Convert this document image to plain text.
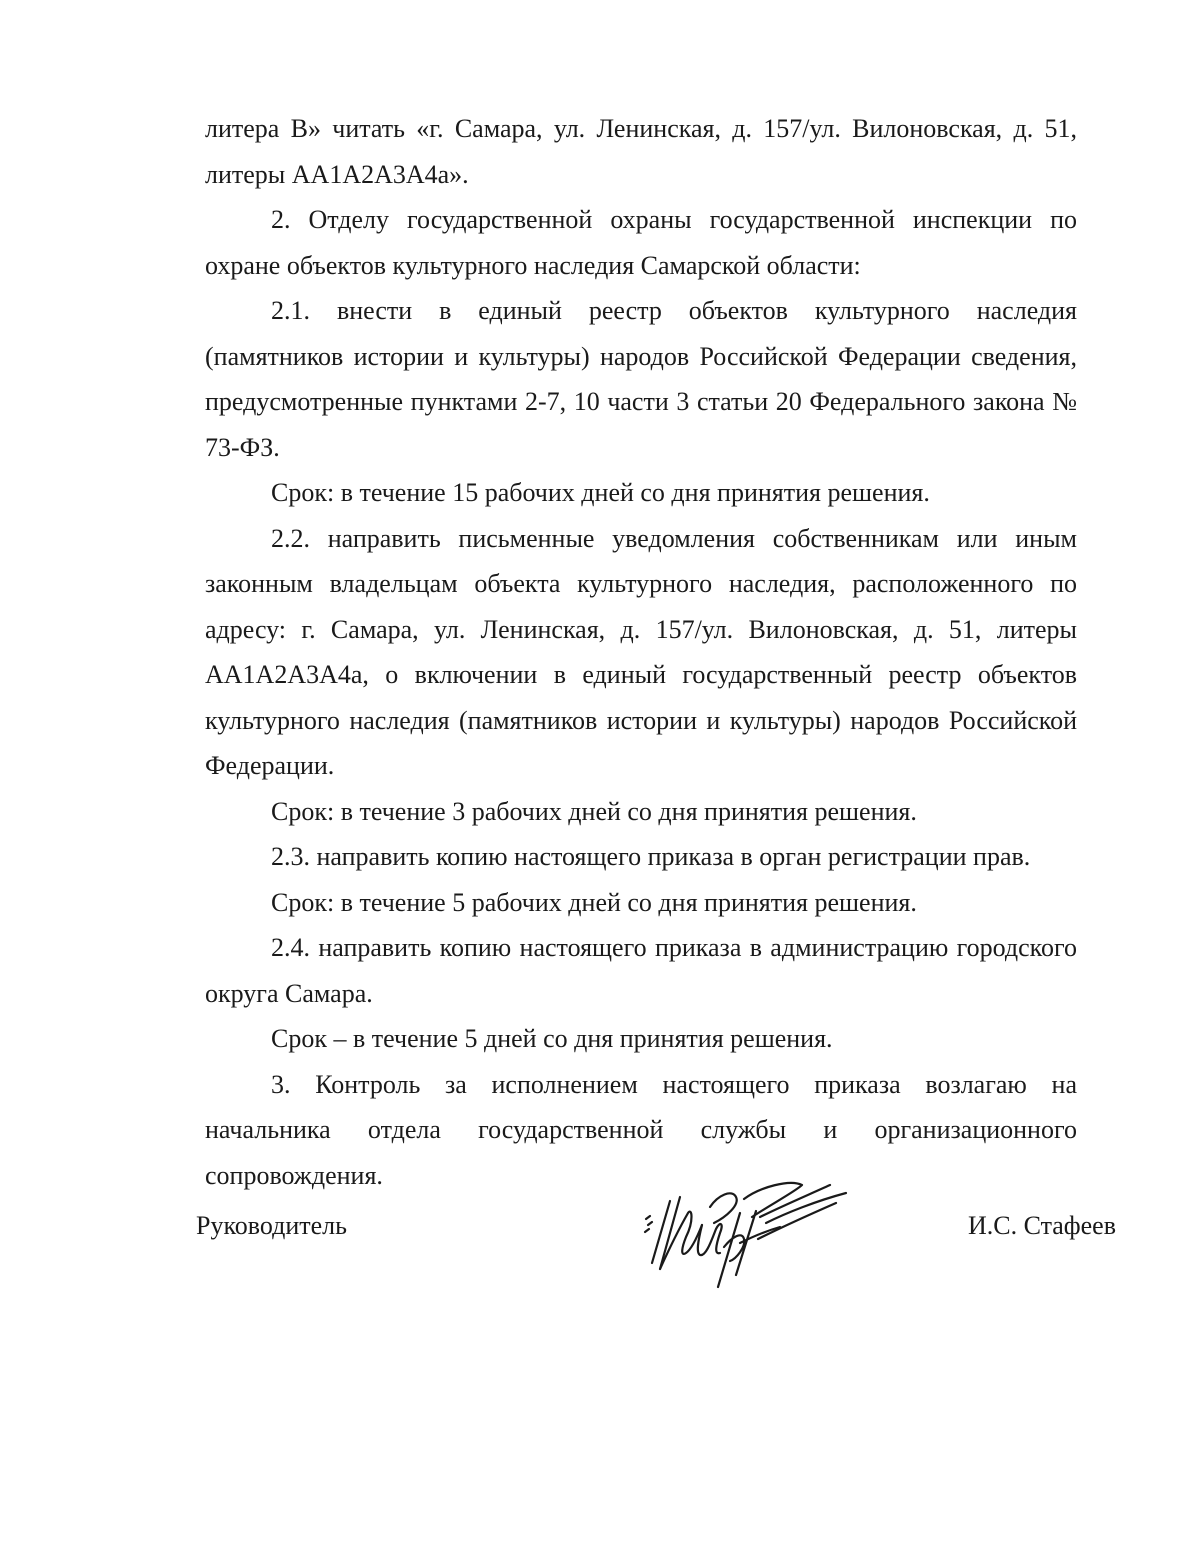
литера В» читать «г. Самара, ул. Ленинская, д. 157/ул. Вилоновская, д. 51, литеры АА1А2А3А4а».

2. Отделу государственной охраны государственной инспекции по охране объектов культурного наследия Самарской области:

2.1. внести в единый реестр объектов культурного наследия (памятников истории и культуры) народов Российской Федерации сведения, предусмотренные пунктами 2-7, 10 части 3 статьи 20 Федерального закона № 73-ФЗ.

Срок: в течение 15 рабочих дней со дня принятия решения.

2.2. направить письменные уведомления собственникам или иным законным владельцам объекта культурного наследия, расположенного по адресу: г. Самара, ул. Ленинская, д. 157/ул. Вилоновская, д. 51, литеры АА1А2А3А4а, о включении в единый государственный реестр объектов культурного наследия (памятников истории и культуры) народов Российской Федерации.

Срок: в течение 3 рабочих дней со дня принятия решения.

2.3. направить копию настоящего приказа в орган регистрации прав.

Срок: в течение 5 рабочих дней со дня принятия решения.

2.4. направить копию настоящего приказа в администрацию городского округа Самара.

Срок – в течение 5 дней со дня принятия решения.

3. Контроль за исполнением настоящего приказа возлагаю на начальника отдела государственной службы и организационного сопровождения.

Руководитель	И.С. Стафеев
